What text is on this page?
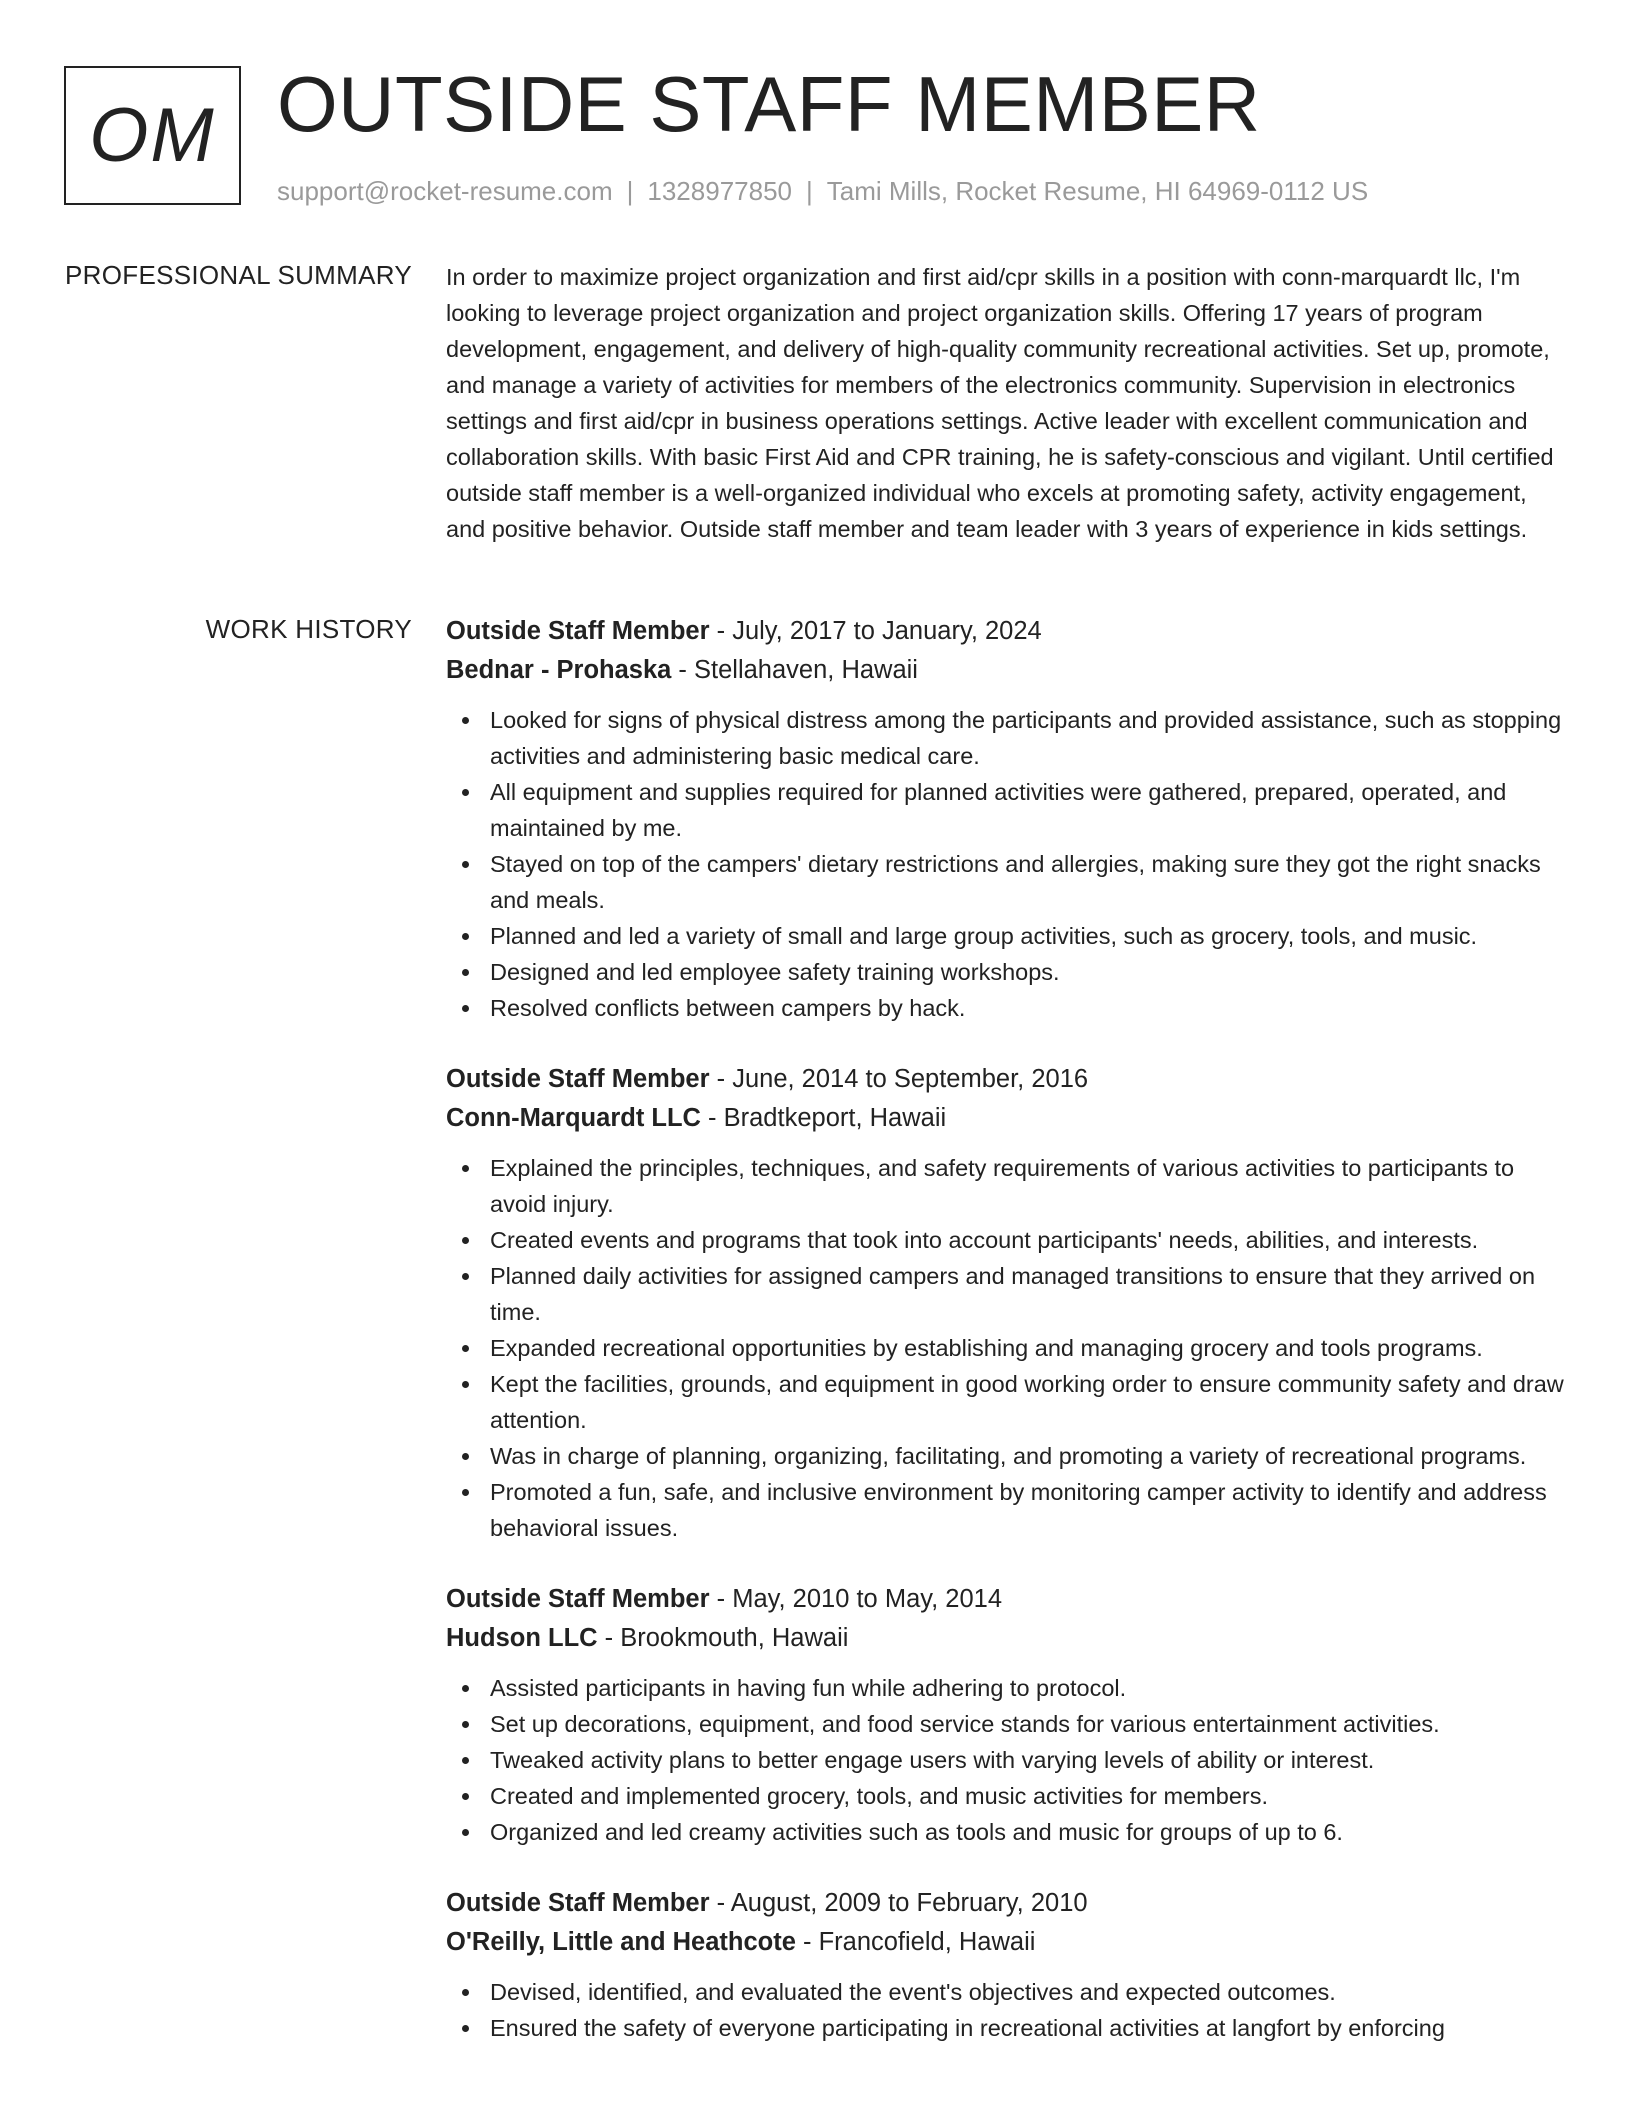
OM OUTSIDE STAFF MEMBER
support@rocket-resume.com | 1328977850 | Tami Mills, Rocket Resume, HI 64969-0112 US
PROFESSIONAL SUMMARY In order to maximize project organization and first aid/cpr skills in a position with conn-marquardt llc, I'm looking to leverage project organization and project organization skills. Offering 17 years of program development, engagement, and delivery of high-quality community recreational activities. Set up, promote, and manage a variety of activities for members of the electronics community. Supervision in electronics settings and first aid/cpr in business operations settings. Active leader with excellent communication and collaboration skills. With basic First Aid and CPR training, he is safety-conscious and vigilant. Until certified outside staff member is a well-organized individual who excels at promoting safety, activity engagement, and positive behavior. Outside staff member and team leader with 3 years of experience in kids settings.

WORK HISTORY Outside Staff Member - July, 2017 to January, 2024
Bednar - Prohaska - Stellahaven, Hawaii
Looked for signs of physical distress among the participants and provided assistance, such as stopping activities and administering basic medical care.
All equipment and supplies required for planned activities were gathered, prepared, operated, and maintained by me.
Stayed on top of the campers' dietary restrictions and allergies, making sure they got the right snacks and meals.
Planned and led a variety of small and large group activities, such as grocery, tools, and music.
Designed and led employee safety training workshops.
Resolved conflicts between campers by hack.
Outside Staff Member - June, 2014 to September, 2016
Conn-Marquardt LLC - Bradtkeport, Hawaii
Explained the principles, techniques, and safety requirements of various activities to participants to avoid injury.
Created events and programs that took into account participants' needs, abilities, and interests.
Planned daily activities for assigned campers and managed transitions to ensure that they arrived on time.
Expanded recreational opportunities by establishing and managing grocery and tools programs.
Kept the facilities, grounds, and equipment in good working order to ensure community safety and draw attention.
Was in charge of planning, organizing, facilitating, and promoting a variety of recreational programs.
Promoted a fun, safe, and inclusive environment by monitoring camper activity to identify and address behavioral issues.
Outside Staff Member - May, 2010 to May, 2014
Hudson LLC - Brookmouth, Hawaii
Assisted participants in having fun while adhering to protocol.
Set up decorations, equipment, and food service stands for various entertainment activities.
Tweaked activity plans to better engage users with varying levels of ability or interest.
Created and implemented grocery, tools, and music activities for members.
Organized and led creamy activities such as tools and music for groups of up to 6.
Outside Staff Member - August, 2009 to February, 2010
O'Reilly, Little and Heathcote - Francofield, Hawaii
Devised, identified, and evaluated the event's objectives and expected outcomes.
Ensured the safety of everyone participating in recreational activities at langfort by enforcing
